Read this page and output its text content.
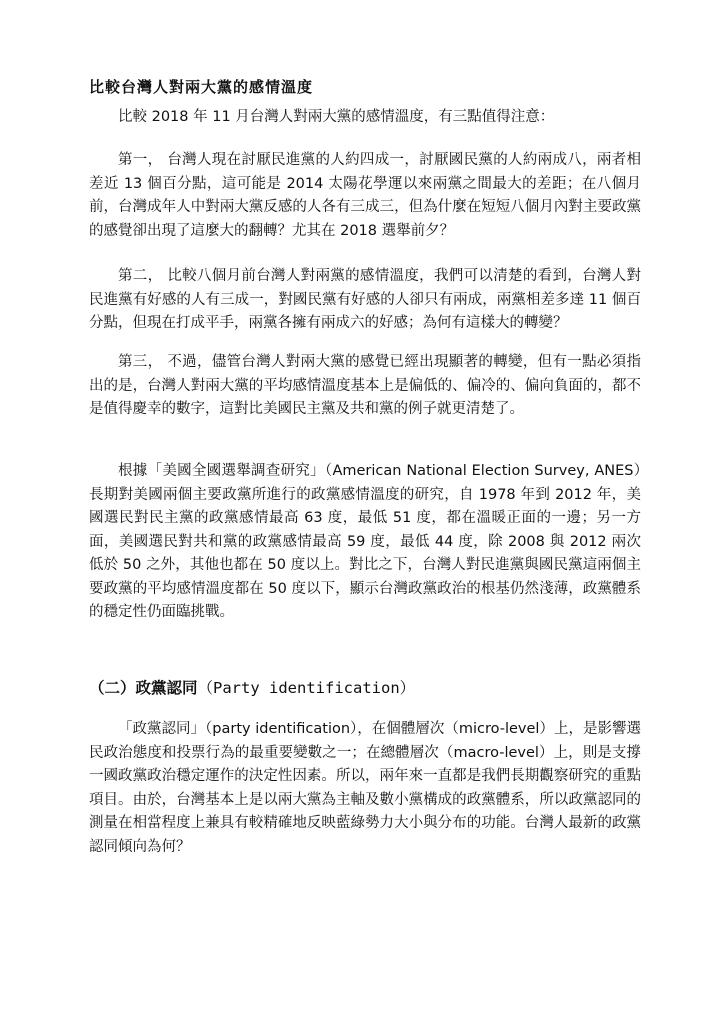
比較台灣人對兩大黨的感情溫度

比較 2018 年 11 月台灣人對兩大黨的感情溫度，有三點值得注意：

第一， 台灣人現在討厭民進黨的人約四成一，討厭國民黨的人約兩成八，兩者相差近 13 個百分點，這可能是 2014 太陽花學運以來兩黨之間最大的差距；在八個月前，台灣成年人中對兩大黨反感的人各有三成三，但為什麼在短短八個月內對主要政黨的感覺卻出現了這麼大的翻轉？尤其在 2018 選舉前夕？

第二， 比較八個月前台灣人對兩黨的感情溫度，我們可以清楚的看到，台灣人對民進黨有好感的人有三成一，對國民黨有好感的人卻只有兩成，兩黨相差多達 11 個百分點，但現在打成平手，兩黨各擁有兩成六的好感；為何有這樣大的轉變？

第三， 不過，儘管台灣人對兩大黨的感覺已經出現顯著的轉變，但有一點必須指出的是，台灣人對兩大黨的平均感情溫度基本上是偏低的、偏冷的、偏向負面的，都不是值得慶幸的數字，這對比美國民主黨及共和黨的例子就更清楚了。

根據「美國全國選舉調查研究」（American National Election Survey, ANES）長期對美國兩個主要政黨所進行的政黨感情溫度的研究，自 1978 年到 2012 年，美國選民對民主黨的政黨感情最高 63 度，最低 51 度，都在溫暖正面的一邊；另一方面，美國選民對共和黨的政黨感情最高 59 度，最低 44 度，除 2008 與 2012 兩次低於 50 之外，其他也都在 50 度以上。對比之下，台灣人對民進黨與國民黨這兩個主要政黨的平均感情溫度都在 50 度以下，顯示台灣政黨政治的根基仍然淺薄，政黨體系的穩定性仍面臨挑戰。

（二）政黨認同（Party identification）

「政黨認同」（party identification），在個體層次（micro-level）上，是影響選民政治態度和投票行為的最重要變數之一；在總體層次（macro-level）上，則是支撐一國政黨政治穩定運作的決定性因素。所以，兩年來一直都是我們長期觀察研究的重點項目。由於，台灣基本上是以兩大黨為主軸及數小黨構成的政黨體系，所以政黨認同的測量在相當程度上兼具有較精確地反映藍綠勢力大小與分布的功能。台灣人最新的政黨認同傾向為何？
